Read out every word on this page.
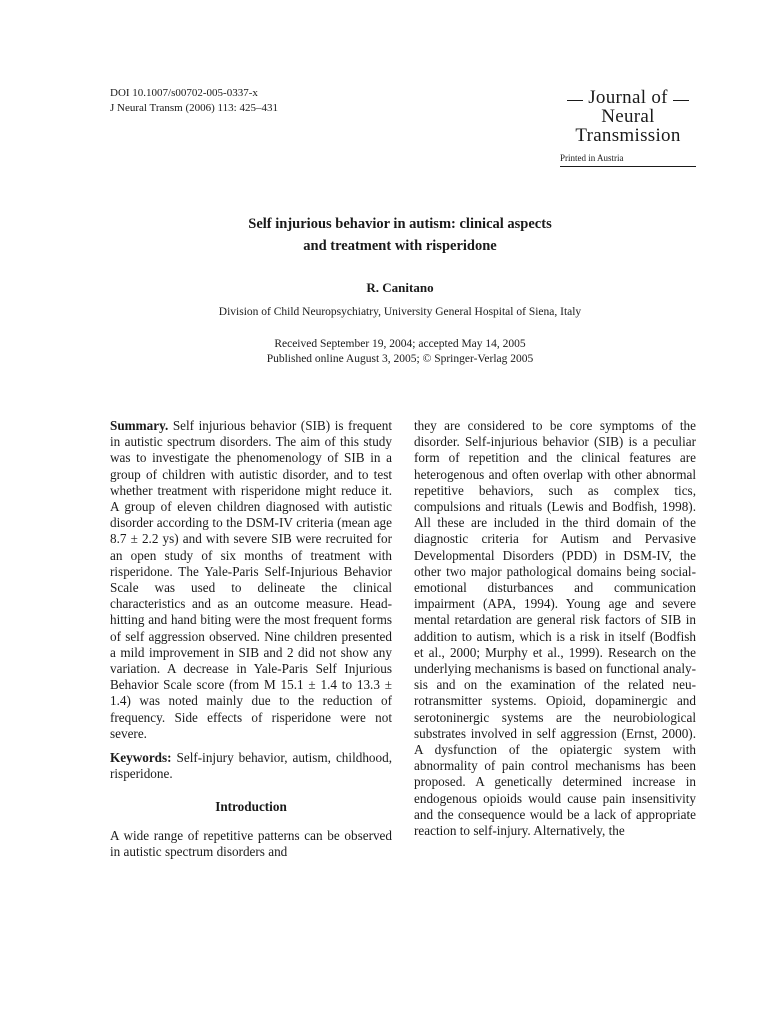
DOI 10.1007/s00702-005-0337-x
J Neural Transm (2006) 113: 425–431	Journal of
Neural
Transmission
Printed in Austria
Self injurious behavior in autism: clinical aspects
and treatment with risperidone
R. Canitano
Division of Child Neuropsychiatry, University General Hospital of Siena, Italy
Received September 19, 2004; accepted May 14, 2005
Published online August 3, 2005; © Springer-Verlag 2005

Summary. Self injurious behavior (SIB) is frequent in autistic spectrum disorders. The aim of this study was to investigate the phenomenology of SIB in a group of children with autistic disorder, and to test whether treatment with risperidone might reduce it. A group of eleven children diagnosed with autistic disorder according to the DSM-IV criteria (mean age 8.7 ± 2.2 ys) and with severe SIB were recruited for an open study of six months of treatment with risperidone. The Yale-Paris Self-Injurious Behavior Scale was used to delineate the clinical characteristics and as an outcome measure. Head-hitting and hand biting were the most frequent forms of self aggression observed. Nine children presented a mild improvement in SIB and 2 did not show any variation. A decrease in Yale-Paris Self Injurious Behavior Scale score (from M 15.1 ± 1.4 to 13.3 ± 1.4) was noted mainly due to the reduction of frequency. Side effects of risperidone were not severe.

Keywords: Self-injury behavior, autism, childhood, risperidone.

Introduction

A wide range of repetitive patterns can be observed in autistic spectrum disorders and

they are considered to be core symptoms of the disorder. Self-injurious behavior (SIB) is a peculiar form of repetition and the clinical features are heterogenous and often overlap with other abnormal repetitive behaviors, such as complex tics, compulsions and rituals (Lewis and Bodfish, 1998). All these are included in the third domain of the diagnostic criteria for Autism and Pervasive Developmental Disorders (PDD) in DSM-IV, the other two major pathological domains being social-emotional disturbances and communication impairment (APA, 1994). Young age and severe mental retardation are general risk factors of SIB in addition to autism, which is a risk in itself (Bodfish et al., 2000; Murphy et al., 1999). Research on the underlying mechanisms is based on functional analysis and on the examination of the related neurotransmitter systems. Opioid, dopaminergic and serotoninergic systems are the neurobiological substrates involved in self aggression (Ernst, 2000). A dysfunction of the opiatergic system with abnormality of pain control mechanisms has been proposed. A genetically determined increase in endogenous opioids would cause pain insensitivity and the consequence would be a lack of appropriate reaction to self-injury. Alternatively, the
